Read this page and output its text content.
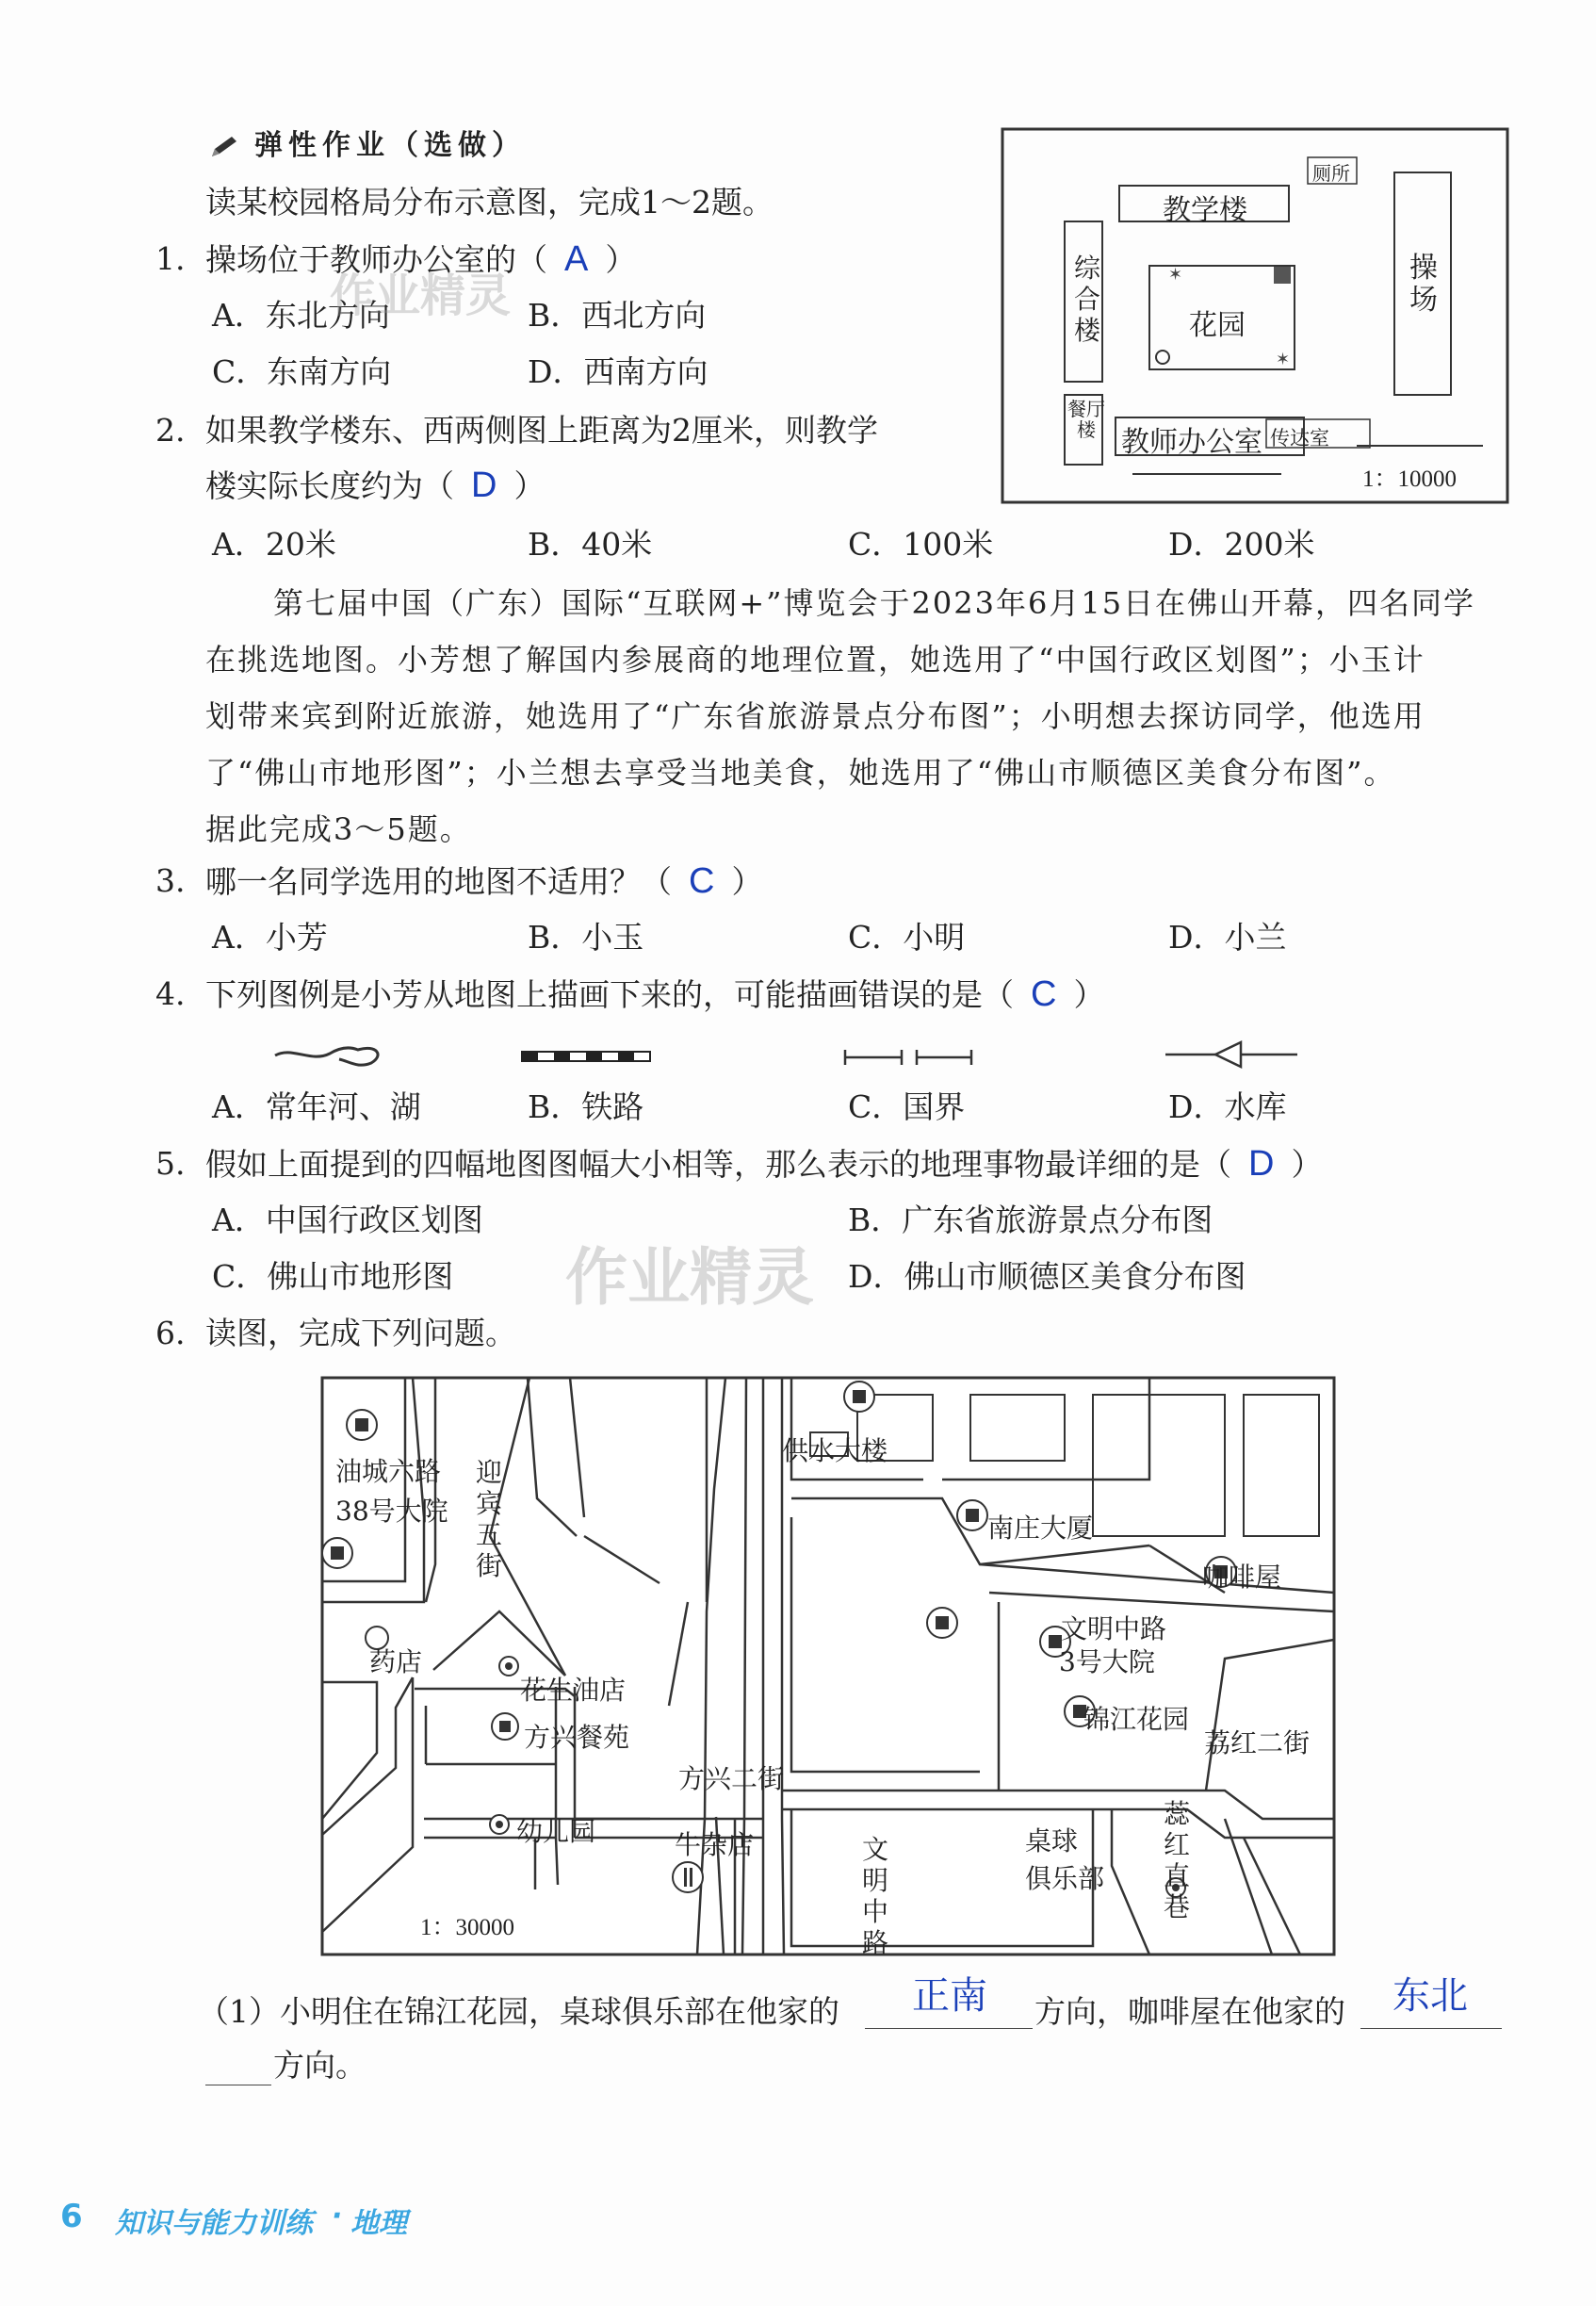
弹性作业（选做）
读某校园格局分布示意图，完成1～2题。
✶
✶
教学楼
厕所
综合楼	花园
操场
餐厅楼 教师办公室 传达室
1：10000
1. 操场位于教师办公室的（ A ）
A．东北方向	B．西北方向
C．东南方向	D．西南方向
2. 如果教学楼东、西两侧图上距离为2厘米，则教学
楼实际长度约为（ D ）
A．20米	B．40米	C．100米	D．200米

第七届中国（广东）国际“互联网+”博览会于2023年6月15日在佛山开幕，四名同学

在挑选地图。小芳想了解国内参展商的地理位置，她选用了“中国行政区划图”；小玉计

划带来宾到附近旅游，她选用了“广东省旅游景点分布图”；小明想去探访同学，他选用

了“佛山市地形图”；小兰想去享受当地美食，她选用了“佛山市顺德区美食分布图”。

据此完成3～5题。

3. 哪一名同学选用的地图不适用？（ C ）
A．小芳	B．小玉	C．小明	D．小兰
4. 下列图例是小芳从地图上描画下来的，可能描画错误的是（ C ）
A．常年河、湖	B．铁路	C．国界	D．水库
5. 假如上面提到的四幅地图图幅大小相等，那么表示的地理事物最详细的是（ D ）
A．中国行政区划图	B．广东省旅游景点分布图
C．佛山市地形图	D．佛山市顺德区美食分布图
6. 读图，完成下列问题。
油城六路
38号大院
供水大楼
南庄大厦
咖啡屋
药店
文明中路
3号大院
花生油店
方兴餐苑
锦江花园
荔红二街
方兴二街
幼儿园	牛杂店	桌球
俱乐部
迎宾五街
文明中路
蕊红直巷
1：30000
（1）小明住在锦江花园，桌球俱乐部在他家的 正南 方向，咖啡屋在他家的 东北
方向。
作业精灵
作业精灵
6 知识与能力训练 · 地理
